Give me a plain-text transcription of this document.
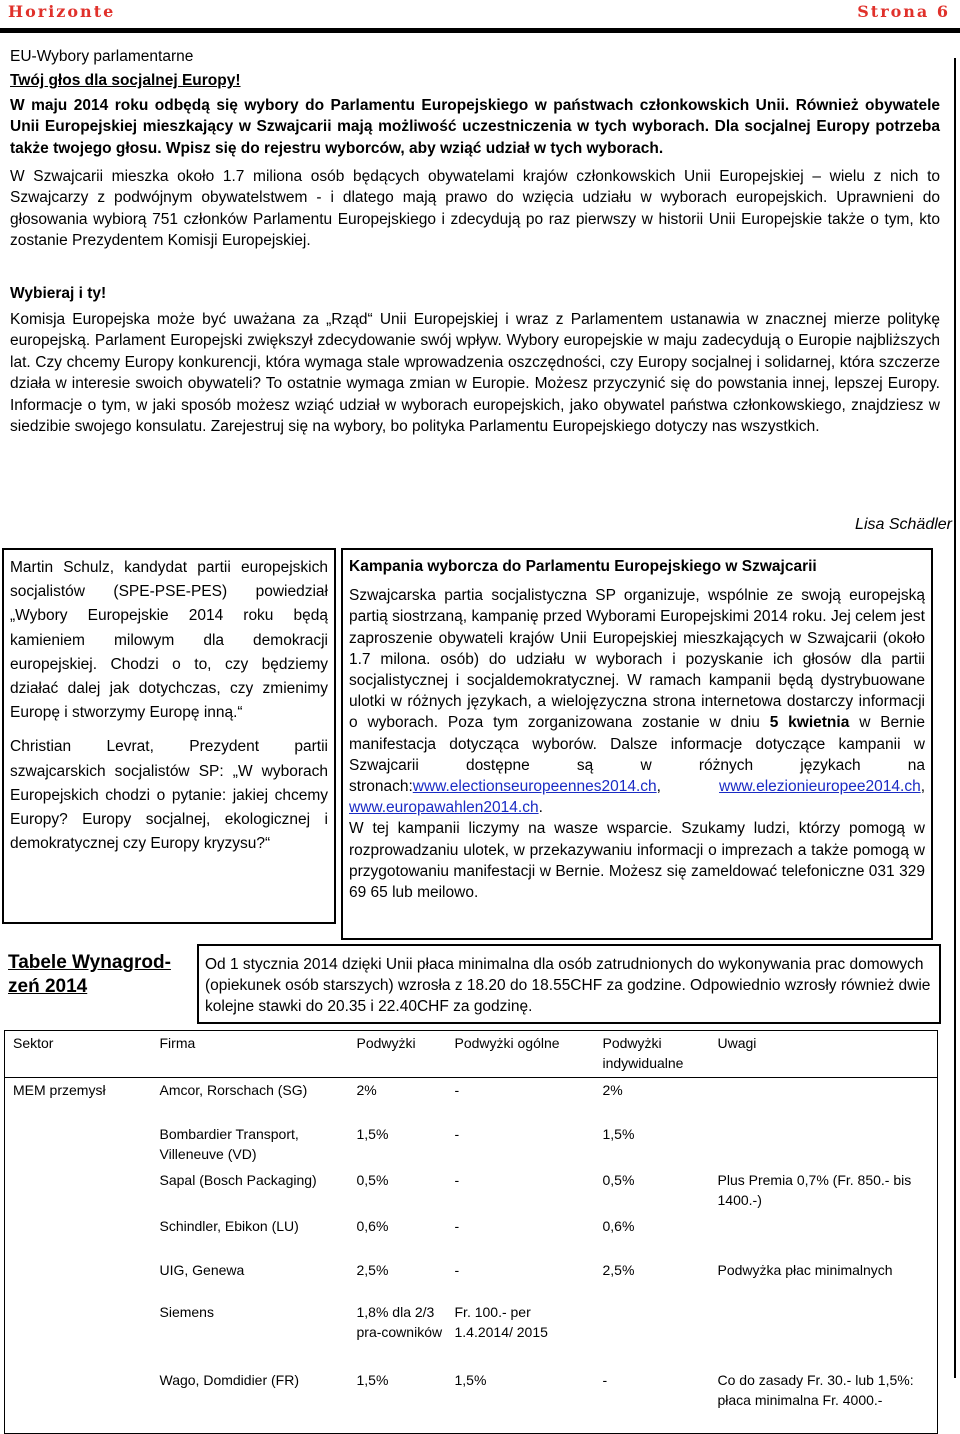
Horizonte	Strona 6

EU-Wybory parlamentarne

Twój głos dla socjalnej Europy!

W maju 2014 roku odbędą się wybory do Parlamentu Europejskiego w państwach członkowskich Unii. Również obywatele Unii Europejskiej mieszkający w Szwajcarii mają możliwość uczestniczenia w tych wyborach. Dla socjalnej Europy potrzeba także twojego głosu. Wpisz się do rejestru wyborców, aby wziąć udział w tych wyborach.

W Szwajcarii mieszka około 1.7 miliona osób będących obywatelami krajów członkowskich Unii Europejskiej – wielu z nich to Szwajcarzy z podwójnym obywatelstwem - i dlatego mają prawo do wzięcia udziału w wyborach europejskich. Uprawnieni do głosowania wybiorą 751 członków Parlamentu Europejskiego i zdecydują po raz pierwszy w historii Unii Europejskie także o tym, kto zostanie Prezydentem Komisji Europejskiej.

Wybieraj i ty!

Komisja Europejska może być uważana za „Rząd“ Unii Europejskiej i wraz z Parlamentem ustanawia w znacznej mierze politykę europejską. Parlament Europejski zwiększył zdecydowanie swój wpływ. Wybory europejskie w maju zadecydują o Europie najbliższych lat. Czy chcemy Europy konkurencji, która wymaga stale wprowadzenia oszczędności, czy Europy socjalnej i solidarnej, która szczerze działa w interesie swoich obywateli? To ostatnie wymaga zmian w Europie. Możesz przyczynić się do powstania innej, lepszej Europy. Informacje o tym, w jaki sposób możesz wziąć udział w wyborach europejskich, jako obywatel państwa członkowskiego, znajdziesz w siedzibie swojego konsulatu. Zarejestruj się na wybory, bo polityka Parlamentu Europejskiego dotyczy nas wszystkich.

Lisa Schädler

Martin Schulz, kandydat partii europejskich socjalistów (SPE-PSE-PES) powiedział „Wybory Europejskie 2014 roku będą kamieniem milowym dla demokracji europejskiej. Chodzi o to, czy będziemy działać dalej jak dotychczas, czy zmienimy Europę i stworzymy Europę inną.“

Christian Levrat, Prezydent partii szwajcarskich socjalistów SP: „W wyborach Europejskich chodzi o pytanie: jakiej chcemy Europy? Europy socjalnej, ekologicznej i demokratycznej czy Europy kryzysu?“

Kampania wyborcza do Parlamentu Europejskiego w Szwajcarii

Szwajcarska partia socjalistyczna SP organizuje, wspólnie ze swoją europejską partią siostrzaną, kampanię przed Wyborami Europejskimi 2014 roku. Jej celem jest zaproszenie obywateli krajów Unii Europejskiej mieszkających w Szwajcarii (około 1.7 milona. osób) do udziału w wyborach i pozyskanie ich głosów dla partii socjalistycznej i socjaldemokratycznej. W ramach kampanii będą dystrybuowane ulotki w różnych językach, a wielojęzyczna strona internetowa dostarczy informacji o wyborach. Poza tym zorganizowana zostanie w dniu 5 kwietnia w Bernie manifestacja dotycząca wyborów. Dalsze informacje dotyczące kampanii w Szwajcarii dostępne są w różnych językach na stronach:www.electionseuropeennes2014.ch, www.elezionieuropee2014.ch, www.europawahlen2014.ch.

W tej kampanii liczymy na wasze wsparcie. Szukamy ludzi, którzy pomogą w rozprowadzaniu ulotek, w przekazywaniu informacji o imprezach a także pomogą w przygotowaniu manifestacji w Bernie. Możesz się zameldować telefoniczne 031 329 69 65 lub meilowo.

Tabele Wynagrod-zeń 2014
Od 1 stycznia 2014 dzięki Unii płaca minimalna dla osób zatrudnionych do wykonywania prac domowych (opiekunek osób starszych) wzrosła z 18.20 do 18.55CHF za godzine. Odpowiednio wzrosły również dwie kolejne stawki do 20.35 i 22.40CHF za godzinę.
Sektor	Firma	Podwyżki	Podwyżki ogólne	Podwyżki indywidualne	Uwagi
MEM przemysł	Amcor, Rorschach (SG)	2%	-	2%	
	Bombardier Transport, Villeneuve (VD)	1,5%	-	1,5%	
	Sapal (Bosch Packaging)	0,5%	-	0,5%	Plus Premia 0,7% (Fr. 850.- bis 1400.-)
	Schindler, Ebikon (LU)	0,6%	-	0,6%	
	UIG, Genewa	2,5%	-	2,5%	Podwyżka płac minimalnych
	Siemens	1,8% dla 2/3 pra-cowników	Fr. 100.- per 1.4.2014/ 2015		
	Wago, Domdidier (FR)	1,5%	1,5%	-	Co do zasady Fr. 30.- lub 1,5%: płaca minimalna Fr. 4000.-
